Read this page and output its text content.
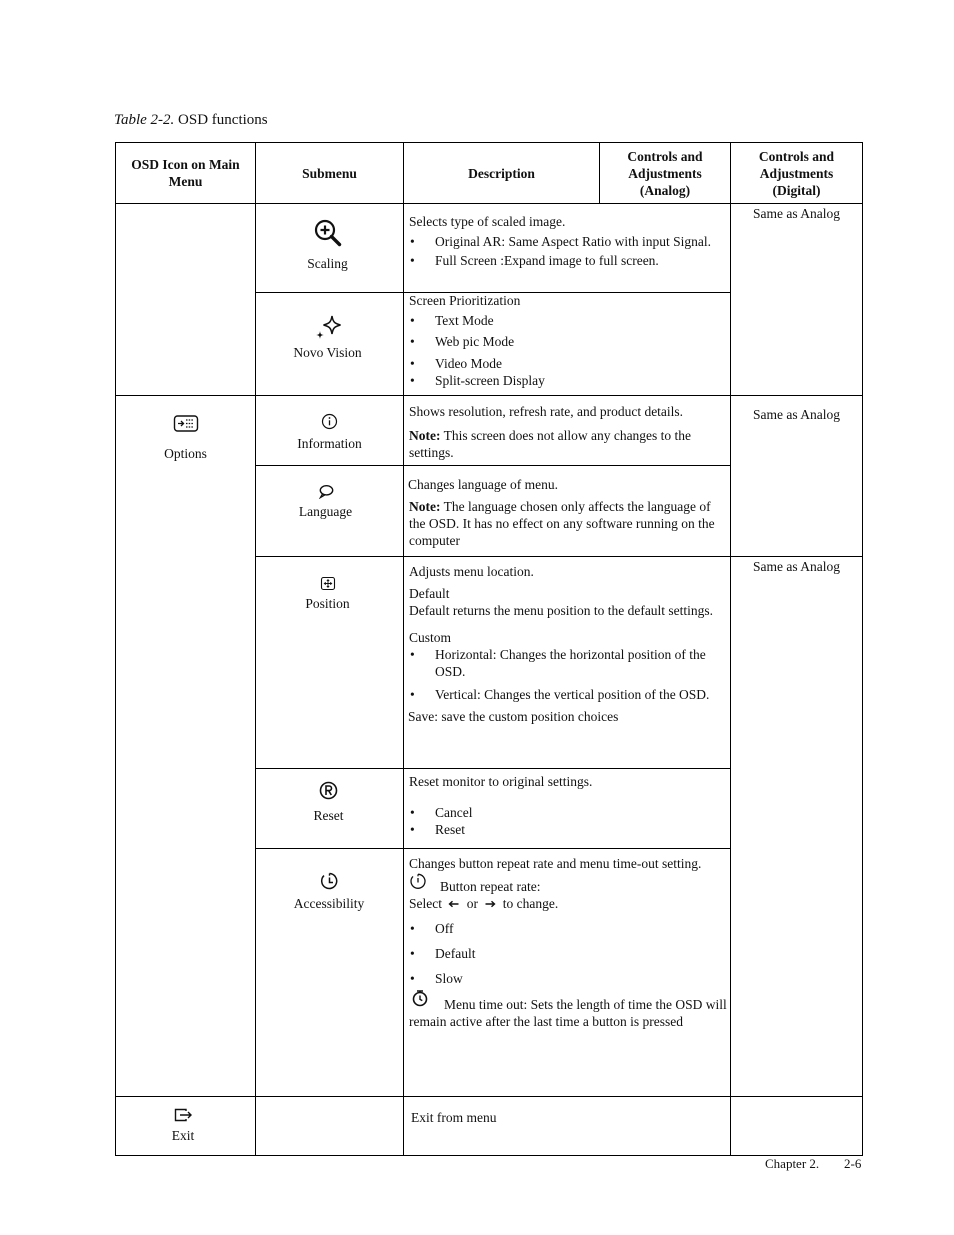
Table 2-2. OSD functions
OSD Icon on Main Menu
Submenu	Description
Controls and Adjustments (Analog)
Controls and Adjustments (Digital)
Options
Exit
Scaling
Novo Vision
Information
Language
Position
Reset
Accessibility

Selects type of scaled image.

• Original AR: Same Aspect Ratio with input Signal.
• Full Screen :Expand image to full screen.

Screen Prioritization

• Text Mode
• Web pic Mode
• Video Mode
• Split-screen Display

Shows resolution, refresh rate, and product details.

Note: This screen does not allow any changes to the settings.

Changes language of menu.

Note: The language chosen only affects the language of the OSD. It has no effect on any software running on the computer

Adjusts menu location.

Default

Default returns the menu position to the default settings.

Custom

• Horizontal: Changes the horizontal position of the OSD.
• Vertical: Changes the vertical position of the OSD.

Save: save the custom position choices

Reset monitor to original settings.

• Cancel
• Reset

Changes button repeat rate and menu time-out setting.

Button repeat rate:

Select or to change.

• Off
• Default
• Slow

Menu time out: Sets the length of time the OSD will remain active after the last time a button is pressed

Exit from menu

Same as Analog
Same as Analog
Same as Analog
Chapter 2. 2-6
